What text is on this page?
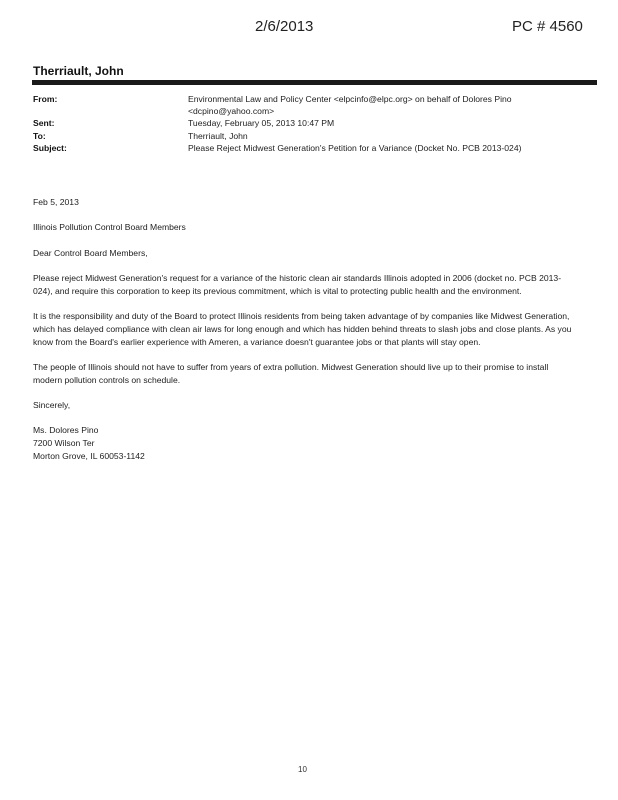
2/6/2013	PC # 4560
Therriault, John
From:	Environmental Law and Policy Center <elpcinfo@elpc.org> on behalf of Dolores Pino <dcpino@yahoo.com>
Sent:	Tuesday, February 05, 2013 10:47 PM
To:	Therriault, John
Subject:	Please Reject Midwest Generation's Petition for a Variance (Docket No. PCB 2013-024)

Feb 5, 2013

Illinois Pollution Control Board Members

Dear Control Board Members,

Please reject Midwest Generation's request for a variance of the historic clean air standards Illinois adopted in 2006 (docket no. PCB 2013-024), and require this corporation to keep its previous commitment, which is vital to protecting public health and the environment.

It is the responsibility and duty of the Board to protect Illinois residents from being taken advantage of by companies like Midwest Generation, which has delayed compliance with clean air laws for long enough and which has hidden behind threats to slash jobs and close plants. As you know from the Board's earlier experience with Ameren, a variance doesn't guarantee jobs or that plants will stay open.

The people of Illinois should not have to suffer from years of extra pollution. Midwest Generation should live up to their promise to install modern pollution controls on schedule.

Sincerely,

Ms. Dolores Pino
7200 Wilson Ter
Morton Grove, IL 60053-1142

10
